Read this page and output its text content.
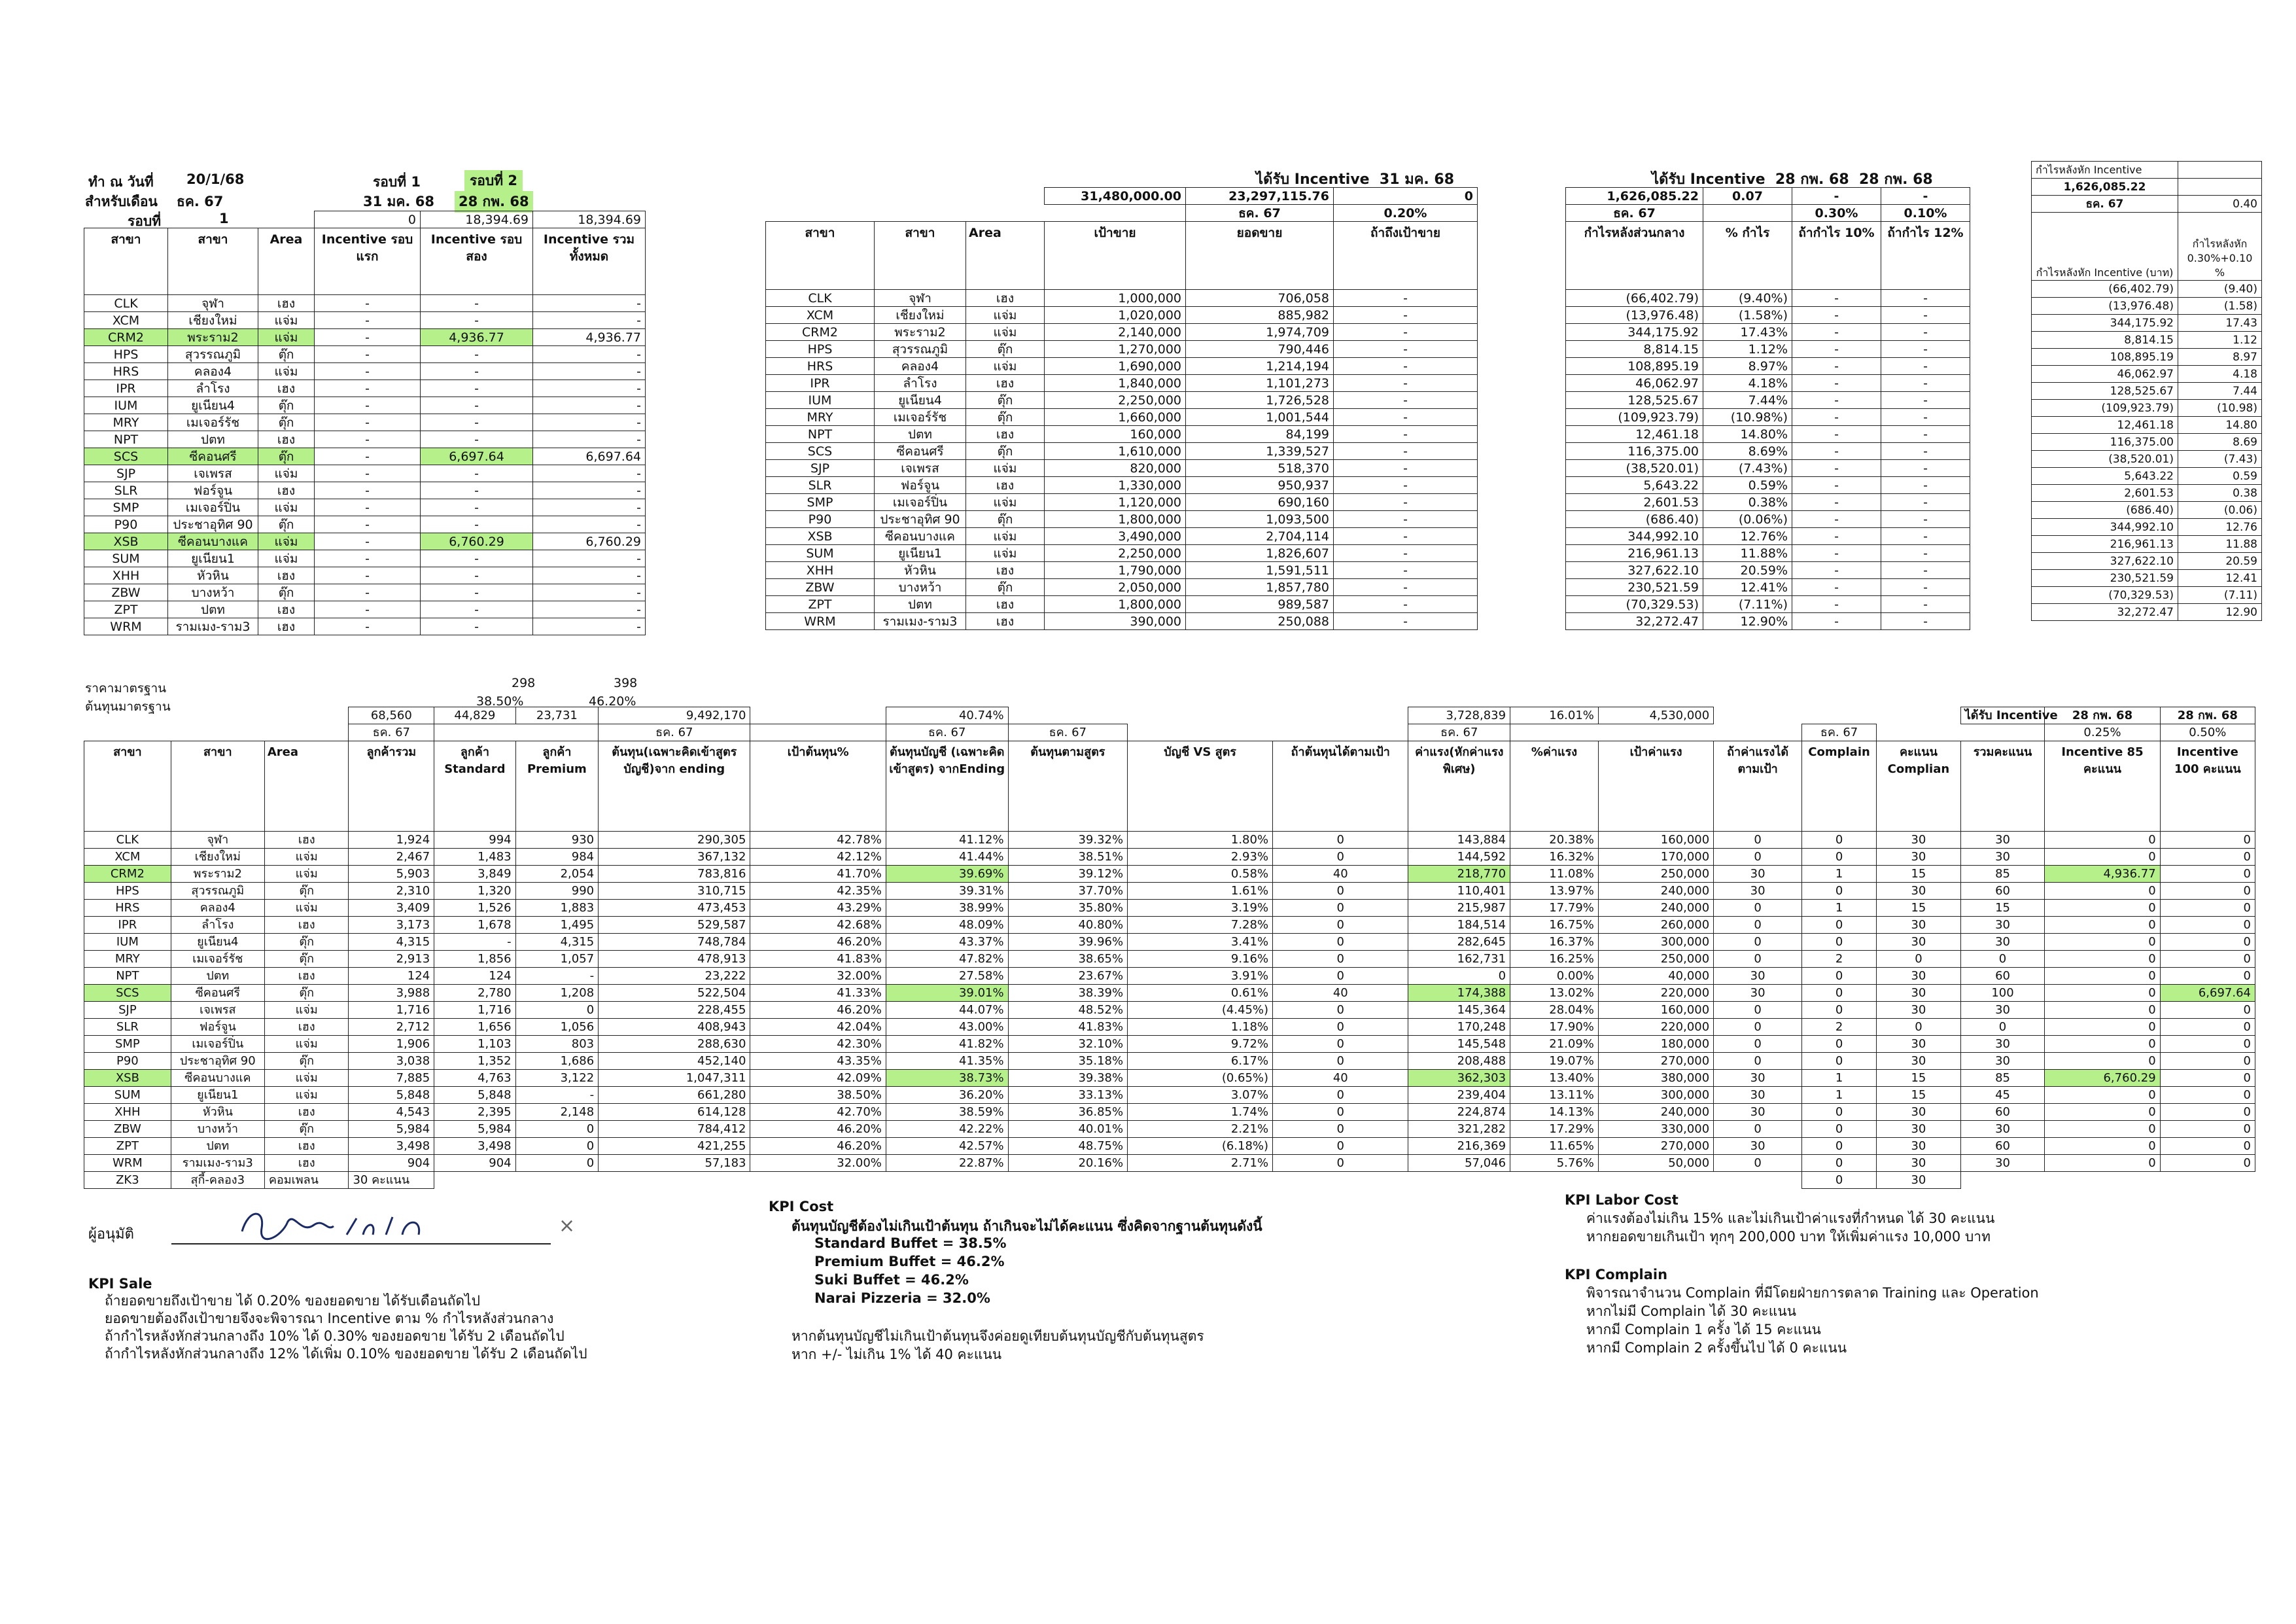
ทำ ณ วันที่ 20/1/68
สำหรับเดือน ธค. 67
รอบที่	1
รอบที่ 1
31 มค. 68
รอบที่ 2
28 กพ. 68
			0	18,394.69	18,394.69
สาขา	สาขา	Area	Incentive รอบแรก	Incentive รอบสอง	Incentive รวมทั้งหมด
CLK	จุฬา	เฮง	-	-	-
XCM	เชียงใหม่	แจ่ม	-	-	-
CRM2	พระราม2	แจ่ม	-	4,936.77	4,936.77
HPS	สุวรรณภูมิ	ตุ๊ก	-	-	-
HRS	คลอง4	แจ่ม	-	-	-
IPR	ลำโรง	เฮง	-	-	-
IUM	ยูเนียน4	ตุ๊ก	-	-	-
MRY	เมเจอร์รัช	ตุ๊ก	-	-	-
NPT	ปตท	เฮง	-	-	-
SCS	ซีคอนศรี	ตุ๊ก	-	6,697.64	6,697.64
SJP	เจเพรส	แจ่ม	-	-	-
SLR	ฟอร์จูน	เฮง	-	-	-
SMP	เมเจอร์ปิ่น	แจ่ม	-	-	-
P90	ประชาอุทิศ 90	ตุ๊ก	-	-	-
XSB	ซีคอนบางแค	แจ่ม	-	6,760.29	6,760.29
SUM	ยูเนียน1	แจ่ม	-	-	-
XHH	หัวหิน	เฮง	-	-	-
ZBW	บางหว้า	ตุ๊ก	-	-	-
ZPT	ปตท	เฮง	-	-	-
WRM	รามเมง-ราม3	เฮง	-	-	-
ราคามาตรฐาน	298	398
ต้นทุนมาตรฐาน	38.50%	46.20%
ได้รับ Incentive 31 มค. 68
			31,480,000.00	23,297,115.76	0
				ธค. 67	0.20%
สาขา	สาขา	Area	เป้าขาย	ยอดขาย	ถ้าถึงเป้าขาย
CLK	จุฬา	เฮง	1,000,000	706,058	-
XCM	เชียงใหม่	แจ่ม	1,020,000	885,982	-
CRM2	พระราม2	แจ่ม	2,140,000	1,974,709	-
HPS	สุวรรณภูมิ	ตุ๊ก	1,270,000	790,446	-
HRS	คลอง4	แจ่ม	1,690,000	1,214,194	-
IPR	ลำโรง	เฮง	1,840,000	1,101,273	-
IUM	ยูเนียน4	ตุ๊ก	2,250,000	1,726,528	-
MRY	เมเจอร์รัช	ตุ๊ก	1,660,000	1,001,544	-
NPT	ปตท	เฮง	160,000	84,199	-
SCS	ซีคอนศรี	ตุ๊ก	1,610,000	1,339,527	-
SJP	เจเพรส	แจ่ม	820,000	518,370	-
SLR	ฟอร์จูน	เฮง	1,330,000	950,937	-
SMP	เมเจอร์ปิ่น	แจ่ม	1,120,000	690,160	-
P90	ประชาอุทิศ 90	ตุ๊ก	1,800,000	1,093,500	-
XSB	ซีคอนบางแค	แจ่ม	3,490,000	2,704,114	-
SUM	ยูเนียน1	แจ่ม	2,250,000	1,826,607	-
XHH	หัวหิน	เฮง	1,790,000	1,591,511	-
ZBW	บางหว้า	ตุ๊ก	2,050,000	1,857,780	-
ZPT	ปตท	เฮง	1,800,000	989,587	-
WRM	รามเมง-ราม3	เฮง	390,000	250,088	-
ได้รับ Incentive 28 กพ. 68 28 กพ. 68
1,626,085.22	0.07	-	-
ธค. 67		0.30%	0.10%
กำไรหลังส่วนกลาง	% กำไร	ถ้ากำไร 10%	ถ้ากำไร 12%
(66,402.79)	(9.40%)	-	-
(13,976.48)	(1.58%)	-	-
344,175.92	17.43%	-	-
8,814.15	1.12%	-	-
108,895.19	8.97%	-	-
46,062.97	4.18%	-	-
128,525.67	7.44%	-	-
(109,923.79)	(10.98%)	-	-
12,461.18	14.80%	-	-
116,375.00	8.69%	-	-
(38,520.01)	(7.43%)	-	-
5,643.22	0.59%	-	-
2,601.53	0.38%	-	-
(686.40)	(0.06%)	-	-
344,992.10	12.76%	-	-
216,961.13	11.88%	-	-
327,622.10	20.59%	-	-
230,521.59	12.41%	-	-
(70,329.53)	(7.11%)	-	-
32,272.47	12.90%	-	-
กำไรหลังหัก Incentive	
1,626,085.22	
ธค. 67	0.40
กำไรหลังหัก Incentive (บาท)	กำไรหลังหัก
0.30%+0.10 %

(66,402.79)	(9.40)
(13,976.48)	(1.58)
344,175.92	17.43
8,814.15	1.12
108,895.19	8.97
46,062.97	4.18
128,525.67	7.44
(109,923.79)	(10.98)
12,461.18	14.80
116,375.00	8.69
(38,520.01)	(7.43)
5,643.22	0.59
2,601.53	0.38
(686.40)	(0.06)
344,992.10	12.76
216,961.13	11.88
327,622.10	20.59
230,521.59	12.41
(70,329.53)	(7.11)
32,272.47	12.90
			68,560	44,829	23,731	9,492,170		40.74%				3,728,839	16.01%	4,530,000				ได้รับ Incentive	28 กพ. 68	28 กพ. 68
			ธค. 67			ธค. 67		ธค. 67	ธค. 67			ธค. 67				ธค. 67			0.25%	0.50%
สาขา	สาขา	Area	ลูกค้ารวม	ลูกค้า Standard	ลูกค้า Premium	ต้นทุน(เฉพาะคิดเข้าสูตรบัญชี)จาก ending	เป้าต้นทุน%	ต้นทุนบัญชี (เฉพาะคิดเข้าสูตร) จากEnding	ต้นทุนตามสูตร	บัญชี VS สูตร	ถ้าต้นทุนได้ตามเป้า	ค่าแรง(หักค่าแรงพิเศษ)	%ค่าแรง	เป้าค่าแรง	ถ้าค่าแรงได้ตามเป้า	Complain	คะแนน Complian	รวมคะแนน	Incentive 85 คะแนน	Incentive 100 คะแนน
CLK	จุฬา	เฮง	1,924	994	930	290,305	42.78%	41.12%	39.32%	1.80%	0	143,884	20.38%	160,000	0	0	30	30	0	0
XCM	เชียงใหม่	แจ่ม	2,467	1,483	984	367,132	42.12%	41.44%	38.51%	2.93%	0	144,592	16.32%	170,000	0	0	30	30	0	0
CRM2	พระราม2	แจ่ม	5,903	3,849	2,054	783,816	41.70%	39.69%	39.12%	0.58%	40	218,770	11.08%	250,000	30	1	15	85	4,936.77	0
HPS	สุวรรณภูมิ	ตุ๊ก	2,310	1,320	990	310,715	42.35%	39.31%	37.70%	1.61%	0	110,401	13.97%	240,000	30	0	30	60	0	0
HRS	คลอง4	แจ่ม	3,409	1,526	1,883	473,453	43.29%	38.99%	35.80%	3.19%	0	215,987	17.79%	240,000	0	1	15	15	0	0
IPR	ลำโรง	เฮง	3,173	1,678	1,495	529,587	42.68%	48.09%	40.80%	7.28%	0	184,514	16.75%	260,000	0	0	30	30	0	0
IUM	ยูเนียน4	ตุ๊ก	4,315	-	4,315	748,784	46.20%	43.37%	39.96%	3.41%	0	282,645	16.37%	300,000	0	0	30	30	0	0
MRY	เมเจอร์รัช	ตุ๊ก	2,913	1,856	1,057	478,913	41.83%	47.82%	38.65%	9.16%	0	162,731	16.25%	250,000	0	2	0	0	0	0
NPT	ปตท	เฮง	124	124	-	23,222	32.00%	27.58%	23.67%	3.91%	0	0	0.00%	40,000	30	0	30	60	0	0
SCS	ซีคอนศรี	ตุ๊ก	3,988	2,780	1,208	522,504	41.33%	39.01%	38.39%	0.61%	40	174,388	13.02%	220,000	30	0	30	100	0	6,697.64
SJP	เจเพรส	แจ่ม	1,716	1,716	0	228,455	46.20%	44.07%	48.52%	(4.45%)	0	145,364	28.04%	160,000	0	0	30	30	0	0
SLR	ฟอร์จูน	เฮง	2,712	1,656	1,056	408,943	42.04%	43.00%	41.83%	1.18%	0	170,248	17.90%	220,000	0	2	0	0	0	0
SMP	เมเจอร์ปิ่น	แจ่ม	1,906	1,103	803	288,630	42.30%	41.82%	32.10%	9.72%	0	145,548	21.09%	180,000	0	0	30	30	0	0
P90	ประชาอุทิศ 90	ตุ๊ก	3,038	1,352	1,686	452,140	43.35%	41.35%	35.18%	6.17%	0	208,488	19.07%	270,000	0	0	30	30	0	0
XSB	ซีคอนบางแค	แจ่ม	7,885	4,763	3,122	1,047,311	42.09%	38.73%	39.38%	(0.65%)	40	362,303	13.40%	380,000	30	1	15	85	6,760.29	0
SUM	ยูเนียน1	แจ่ม	5,848	5,848	-	661,280	38.50%	36.20%	33.13%	3.07%	0	239,404	13.11%	300,000	30	1	15	45	0	0
XHH	หัวหิน	เฮง	4,543	2,395	2,148	614,128	42.70%	38.59%	36.85%	1.74%	0	224,874	14.13%	240,000	30	0	30	60	0	0
ZBW	บางหว้า	ตุ๊ก	5,984	5,984	0	784,412	46.20%	42.22%	40.01%	2.21%	0	321,282	17.29%	330,000	0	0	30	30	0	0
ZPT	ปตท	เฮง	3,498	3,498	0	421,255	46.20%	42.57%	48.75%	(6.18%)	0	216,369	11.65%	270,000	30	0	30	60	0	0
WRM	รามเมง-ราม3	เฮง	904	904	0	57,183	32.00%	22.87%	20.16%	2.71%	0	57,046	5.76%	50,000	0	0	30	30	0	0
ZK3	สุกี้-คลอง3	คอมเพลน	30 คะแนน													0	30			
ผู้อนุมัติ	×
KPI Sale
ถ้ายอดขายถึงเป้าขาย ได้ 0.20% ของยอดขาย ได้รับเดือนถัดไป
ยอดขายต้องถึงเป้าขายจึงจะพิจารณา Incentive ตาม % กำไรหลังส่วนกลาง
ถ้ากำไรหลังหักส่วนกลางถึง 10% ได้ 0.30% ของยอดขาย ได้รับ 2 เดือนถัดไป
ถ้ากำไรหลังหักส่วนกลางถึง 12% ได้เพิ่ม 0.10% ของยอดขาย ได้รับ 2 เดือนถัดไป
KPI Cost
ต้นทุนบัญชีต้องไม่เกินเป้าต้นทุน ถ้าเกินจะไม่ได้คะแนน ซึ่งคิดจากฐานต้นทุนดังนี้
Standard Buffet = 38.5%
Premium Buffet = 46.2%
Suki Buffet = 46.2%
Narai Pizzeria = 32.0%
หากต้นทุนบัญชีไม่เกินเป้าต้นทุนจึงค่อยดูเทียบต้นทุนบัญชีกับต้นทุนสูตร
หาก +/- ไม่เกิน 1% ได้ 40 คะแนน
KPI Labor Cost
ค่าแรงต้องไม่เกิน 15% และไม่เกินเป้าค่าแรงที่กำหนด ได้ 30 คะแนน
หากยอดขายเกินเป้า ทุกๆ 200,000 บาท ให้เพิ่มค่าแรง 10,000 บาท
KPI Complain
พิจารณาจำนวน Complain ที่มีโดยฝ่ายการตลาด Training และ Operation
หากไม่มี Complain ได้ 30 คะแนน
หากมี Complain 1 ครั้ง ได้ 15 คะแนน
หากมี Complain 2 ครั้งขึ้นไป ได้ 0 คะแนน
